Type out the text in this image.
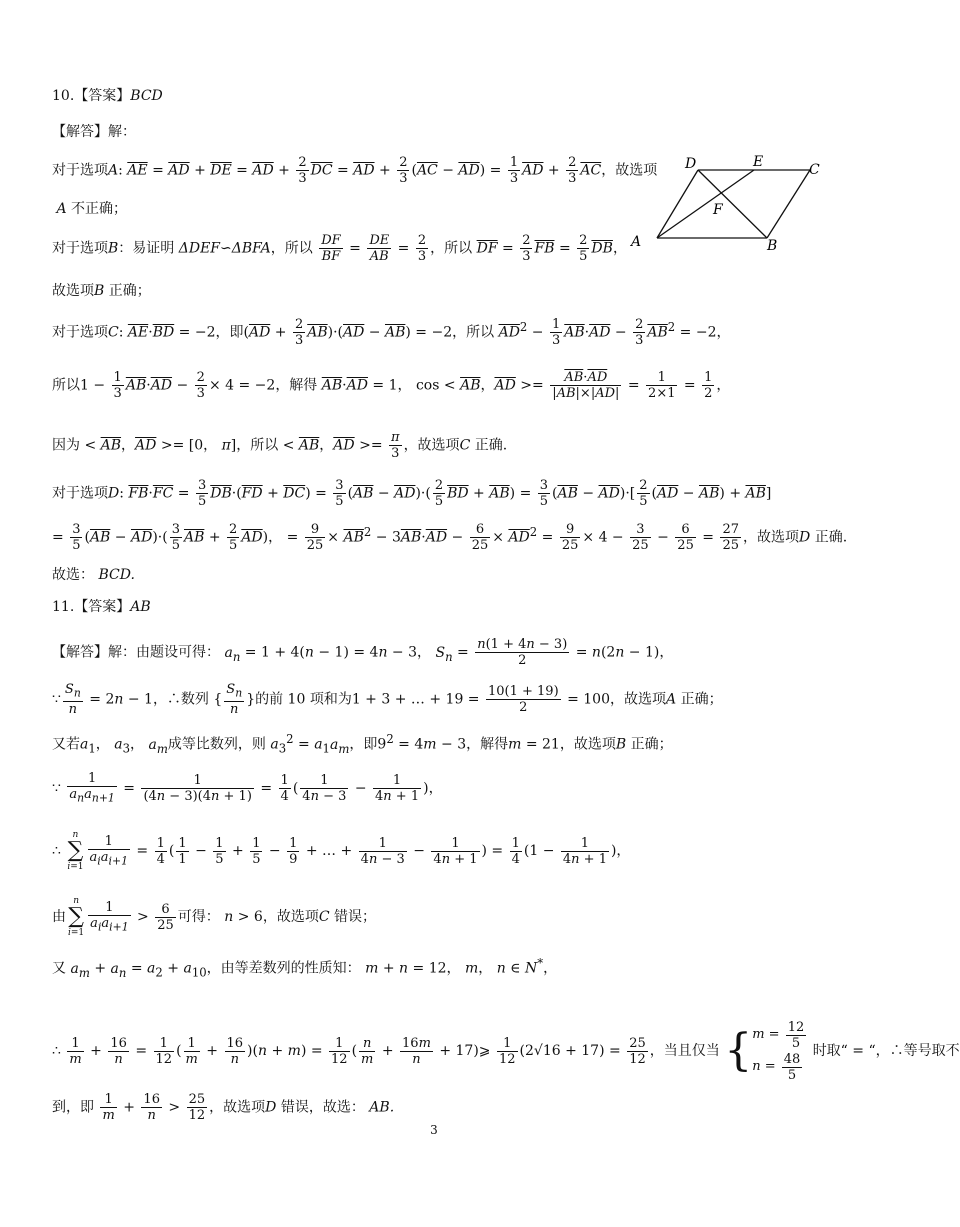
10.【答案】BCD
【解答】解：
对于选项A: $\overline{AE} = \overline{AD} + \overline{DE} = \overline{AD} + \frac{2}{3} \overline{DC} = \overline{AD} + \frac{2}{3} (\overline{AC} - \overline{AD}) = \frac{1}{3} \overline{AD} + \frac{2}{3} \overline{AC}$，故选项
A 不正确；
对于选项B：易证明 ΔDEF∽ΔBFA，所以 $\frac{DF}{BF} = \frac{DE}{AB} = \frac{2}{3}$ ，所以 $\overline{DF} = \frac{2}{3} \overline{FB} = \frac{2}{5} \overline{DB}$，
故选项B 正确；
对于选项C: $\overline{AE}\cdot\overline{BD} = -2$，即$(\overline{AD} + \frac{2}{3} \overline{AB})\cdot(\overline{AD} - \overline{AB}) = -2$，所以 $\overline{AD}^2 - \frac{1}{3} \overline{AB}\cdot\overline{AD} - \frac{2}{3} \overline{AB}^2 = -2$，
所以$1 - \frac{1}{3} \overline{AB}\cdot\overline{AD} - \frac{2}{3} \times 4 = -2$，解得 $\overline{AB}\cdot\overline{AD} = 1$， $\cos < \overline{AB}$，$\overline{AD} >= \frac{\overline{AB}\cdot\overline{AD}}{|\overline{AB}|\times|\overline{AD}|} = \frac{1}{2\times 1} = \frac{1}{2}$ ，
因为 < $\overline{AB}$，$\overline{AD} >= [0$， π]，所以 < $\overline{AB}$，$\overline{AD} >= \frac{\pi}{3}$ ，故选项C 正确.
对于选项D: $\overline{FB}\cdot\overline{FC} = \frac{3}{5} \overline{DB}\cdot(\overline{FD} + \overline{DC}) = \frac{3}{5} (\overline{AB} - \overline{AD})\cdot( \frac{2}{5} \overline{BD} + \overline{AB}) = \frac{3}{5} (\overline{AB} - \overline{AD})\cdot[ \frac{2}{5} (\overline{AD} - \overline{AB}) + \overline{AB}]$
= $\frac{3}{5} (\overline{AB} - \overline{AD})\cdot( \frac{3}{5} \overline{AB} + \frac{2}{5} \overline{AD})$， = $\frac{9}{25} \times \overline{AB}^2 - 3\overline{AB}\cdot\overline{AD} - \frac{6}{25} \times \overline{AD}^2 = \frac{9}{25} \times 4 - \frac{3}{25} - \frac{6}{25} = \frac{27}{25}$ ，故选项D 正确.
故选： BCD.
D	E	C
F
A	B
11.【答案】AB
【解答】解：由题设可得： $a_n = 1 + 4(n - 1) = 4n - 3$， $S_n = \frac{n(1 + 4n - 3)}{2} = n(2n - 1)$，
∵ $\frac{S_n}{n} = 2n - 1$，∴数列 { $\frac{S_n}{n}$ }的前 10 项和为1 + 3 + … + $19 = \frac{10(1 + 19)}{2} = 100$，故选项A 正确；
又若$a_1$， $a_3$， $a_m$成等比数列，则 $a_3^2 = a_1a_m$，即$9^2 = 4m - 3$，解得m = 21，故选项B 正确；
∵
1
$a_na_{n+1}$
= $\frac{1}{(4n - 3)(4n + 1)} = \frac{1}{4}$ ( $\frac{1}{4n - 3} - \frac{1}{4n + 1}$ )，
∴ n
∑
i=1
1
$a_ia_{i+1}$
= $\frac{1}{4}$ ( $\frac{1}{1} - \frac{1}{5} + \frac{1}{5} - \frac{1}{9}$ + … + $\frac{1}{4n - 3} - \frac{1}{4n + 1}$ ) = $\frac{1}{4} (1 - \frac{1}{4n + 1}$ )，
由n
∑
i=1
1
$a_ia_{i+1}$
> $\frac{6}{25}$ 可得： n > 6，故选项C 错误；
又 $a_m + a_n = a_2 + a_{10}$，由等差数列的性质知： m + n = 12， m， n ∈ N*，
∴ $\frac{1}{m} + \frac{16}{n} = \frac{1}{12}$ ( $\frac{1}{m} + \frac{16}{n} )(n + m) = \frac{1}{12}$ ( $\frac{n}{m} + \frac{16m}{n}$ + 17)⩾ $\frac{1}{12} (2√16 + 17) = \frac{25}{12}$ ，当且仅当 { m = 12
5
n = 48
5
时取“ = “，∴等号取不
到，即 $\frac{1}{m} + \frac{16}{n} > \frac{25}{12}$ ，故选项D 错误，故选： AB.
3
